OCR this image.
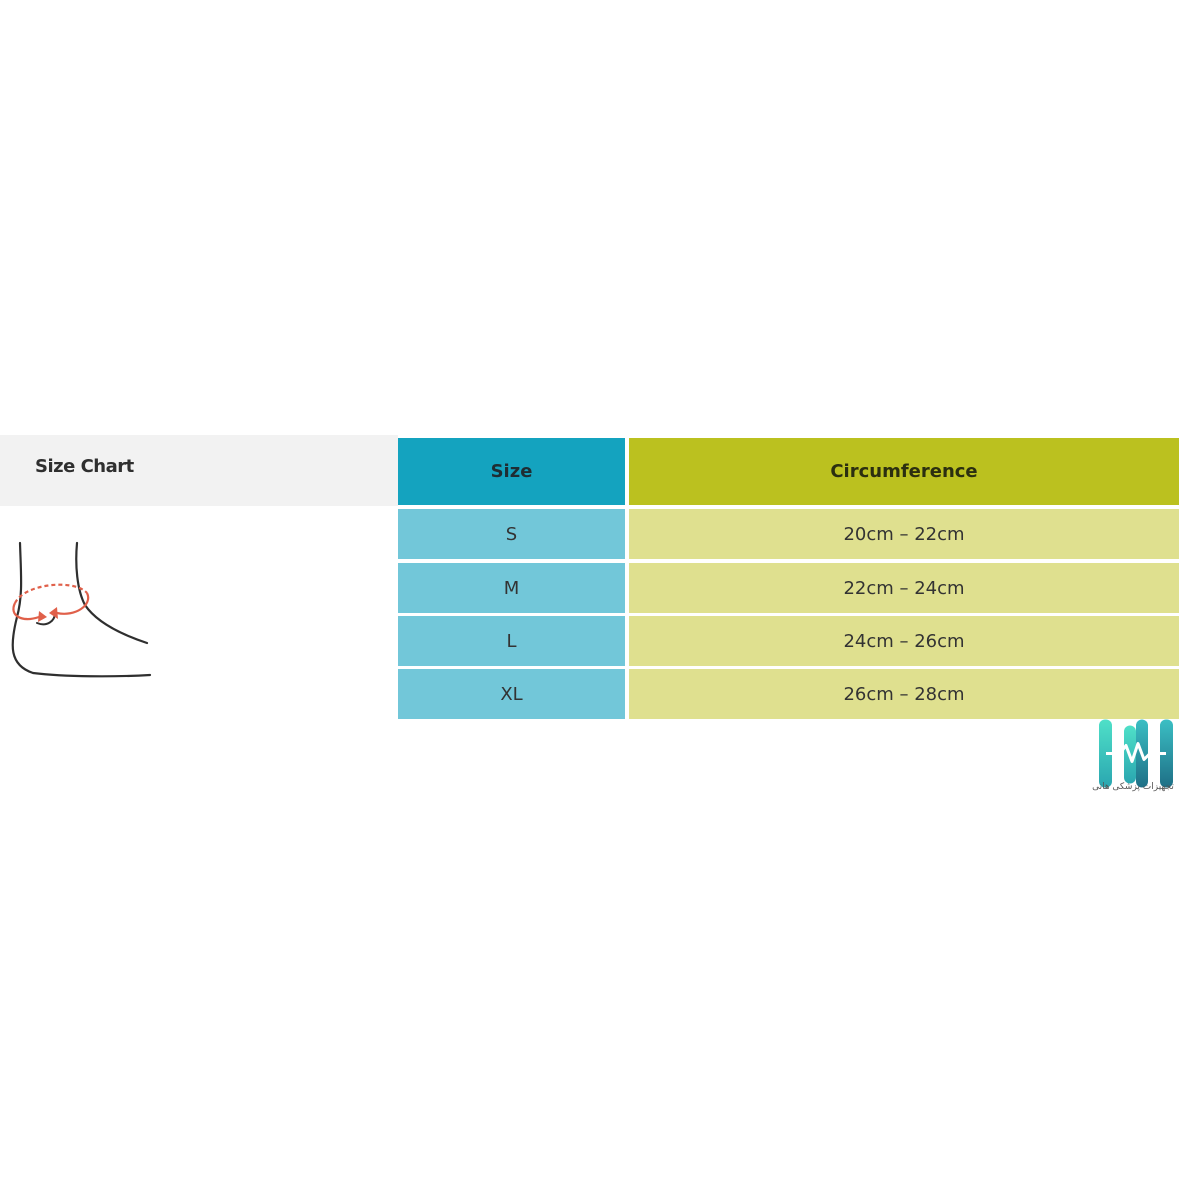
Size Chart	Size	Circumference
S	20cm – 22cm
M	22cm – 24cm
L	24cm – 26cm
XL	26cm – 28cm
تجهیزات پزشکی هانی
